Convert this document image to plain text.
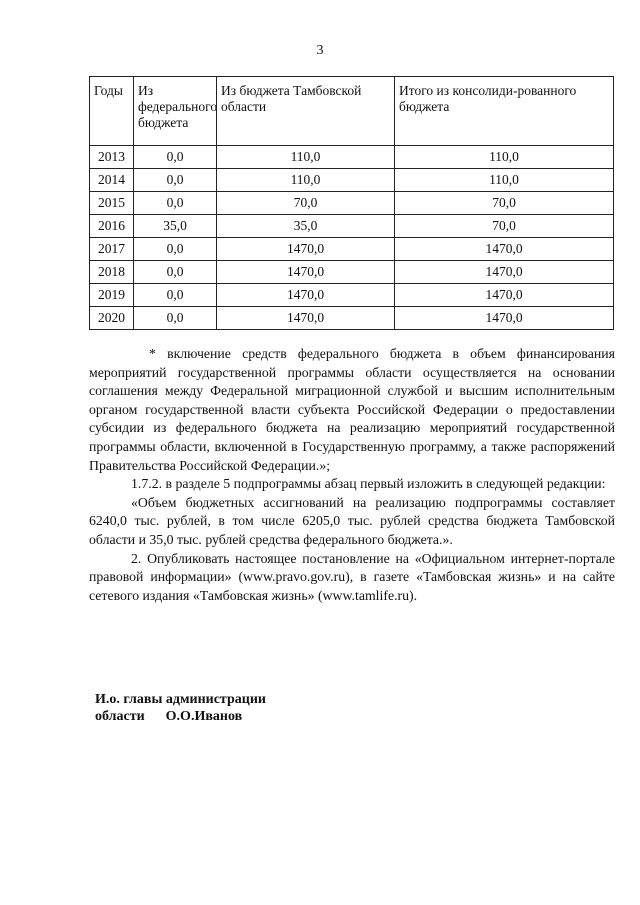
3
Годы	Из федерального бюджета	Из бюджета Тамбовской области	Итого из консолиди-рованного бюджета
2013	0,0	110,0	110,0
2014	0,0	110,0	110,0
2015	0,0	70,0	70,0
2016	35,0	35,0	70,0
2017	0,0	1470,0	1470,0
2018	0,0	1470,0	1470,0
2019	0,0	1470,0	1470,0
2020	0,0	1470,0	1470,0

* включение средств федерального бюджета в объем финансирования мероприятий государственной программы области осуществляется на основании соглашения между Федеральной миграционной службой и высшим исполнительным органом государственной власти субъекта Российской Федерации о предоставлении субсидии из федерального бюджета на реализацию мероприятий государственной программы области, включенной в Государственную программу, а также распоряжений Правительства Российской Федерации.»;

1.7.2. в разделе 5 подпрограммы абзац первый изложить в следующей редакции:

«Объем бюджетных ассигнований на реализацию подпрограммы составляет 6240,0 тыс. рублей, в том числе 6205,0 тыс. рублей средства бюджета Тамбовской области и 35,0 тыс. рублей средства федерального бюджета.».

2. Опубликовать настоящее постановление на «Официальном интернет-портале правовой информации» (www.pravo.gov.ru), в газете «Тамбовская жизнь» и на сайте сетевого издания «Тамбовская жизнь» (www.tamlife.ru).

И.о. главы администрации
области О.О.Иванов
